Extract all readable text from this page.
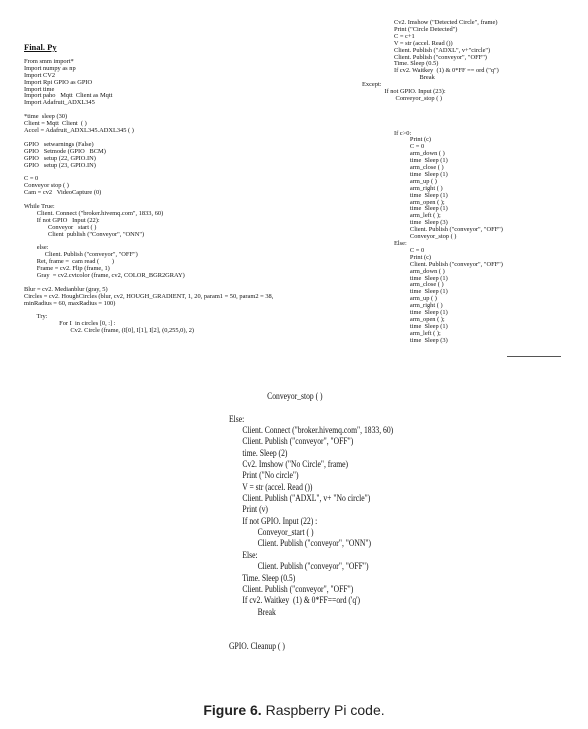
Final. Py
From smm import*
Import numpy as np
Import CV2
Import Rpi GPIO as GPIO
Import time
Import paho   Mqtt  Client as Mqtt
Import Adafruit_ADXL345

*time  sleep (30)
Client = Mqtt  Client  ( )
Accel = Adafruit_ADXL345.ADXL345 ( )

GPIO   setwarnings (False)
GPIO   Setmode (GPIO   BCM)
GPIO   setup (22, GPIO.IN)
GPIO   setup (23, GPIO.IN)

C = 0
Conveyor stop ( )
Cam = cv2   VideoCapture (0)

While True:
Client. Connect ("broker.hivemq.com", 1833, 60)
If not GPIO   Input (22):
Conveyor   start ( )
Client  publish ("Conveyor", "ONN")

else:
Client. Publish ("conveyor", "OFF")
Ret, frame =  cam read (        )
Frame = cv2. Flip (frame, 1)
Gray  = cv2.cvtcolor (frame, cv2, COLOR_BGR2GRAY)

Blur = cv2. Medianblur (gray, 5)
Circles = cv2. HoughCircles (blur, cv2, HOUGH_GRADIENT, 1, 20, param1 = 50, param2 = 38,
minRadius = 60, maxRadius = 100)

Try:
For I  in circles [0, :] :
Cv2. Circle (frame, (I[0], I[1], I[2], (0,255,0), 2)
Cv2. Imshow ("Detected Circle", frame)
Print ("Circle Detected")
C = c+1
V = str (accel. Read ())
Client. Publish ("ADXL", v+"circle")
Client. Publish ("conveyor", "OFF")
Time. Sleep (0.5)
If cv2. Waitkey  (1) & 0*FF == ord ("q")
Break
Except:
If not GPIO. Input (23):
Conveyor_stop ( )

If c>0:
Print (c)
C = 0
arm_down ( )
time  Sleep (1)
arm_close ( )
time  Sleep (1)
arm_up ( )
arm_right ( )
time  Sleep (1)
arm_open ( );
time  Sleep (1)
arm_left ( );
time  Sleep (3)
Client. Publish ("conveyor", "OFF")
Conveyor_stop ( )
Else:
C = 0
Print (c)
Client. Publish ("conveyor", "OFF")
arm_down ( )
time  Sleep (1)
arm_close ( )
time  Sleep (1)
arm_up ( )
arm_right ( )
time  Sleep (1)
arm_open ( );
time  Sleep (1)
arm_left ( );
time  Sleep (3)
Conveyor_stop ( )

Else:
Client. Connect ("broker.hivemq.com", 1833, 60)
Client. Publish ("conveyor", "OFF")
time. Sleep (2)
Cv2. Imshow ("No Circle", frame)
Print ("No circle")
V = str (accel. Read ())
Client. Publish ("ADXL", v+ "No circle")
Print (v)
If not GPIO. Input (22) :
Conveyor_start ( )
Client. Publish ("conveyor", "ONN")
Else:
Client. Publish ("conveyor", "OFF")
Time. Sleep (0.5)
Client. Publish ("conveyor", "OFF")
If cv2. Waitkey  (1) & 0*FF==ord ('q')
Break

GPIO. Cleanup ( )
Figure 6. Raspberry Pi code.
